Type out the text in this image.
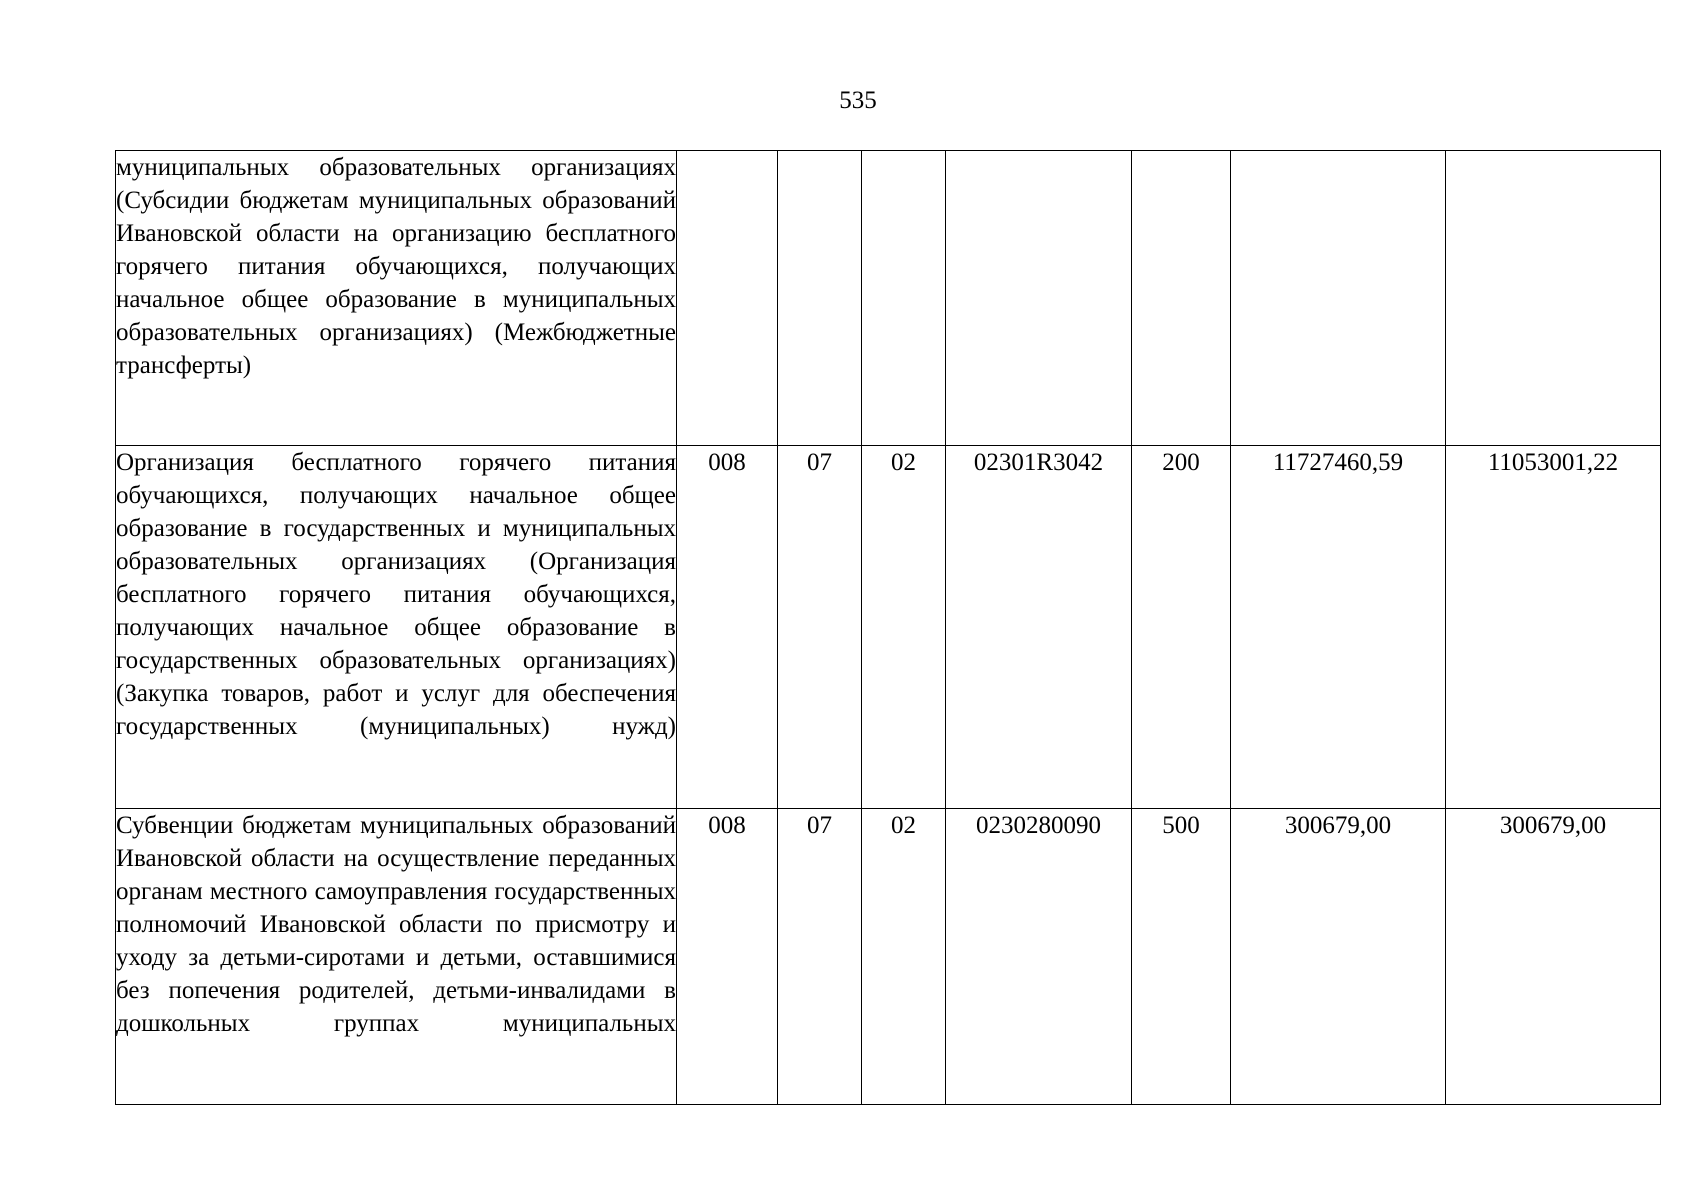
535
муниципальных образовательных организациях (Субсидии бюджетам муниципальных образований Ивановской области на организацию бесплатного горячего питания обучающихся, получающих начальное общее образование в муниципальных образовательных организациях) (Межбюджетные трансферты)							
Организация бесплатного горячего питания обучающихся, получающих начальное общее образование в государственных и муниципальных образовательных организациях (Организация бесплатного горячего питания обучающихся, получающих начальное общее образование в государственных образовательных организациях) (Закупка товаров, работ и услуг для обеспечения государственных (муниципальных) нужд)	008	07	02	02301R3042	200	11727460,59	11053001,22
Субвенции бюджетам муниципальных образований Ивановской области на осуществление переданных органам местного самоуправления государственных полномочий Ивановской области по присмотру и уходу за детьми-сиротами и детьми, оставшимися без попечения родителей, детьми-инвалидами в дошкольных группах муниципальных	008	07	02	0230280090	500	300679,00	300679,00
